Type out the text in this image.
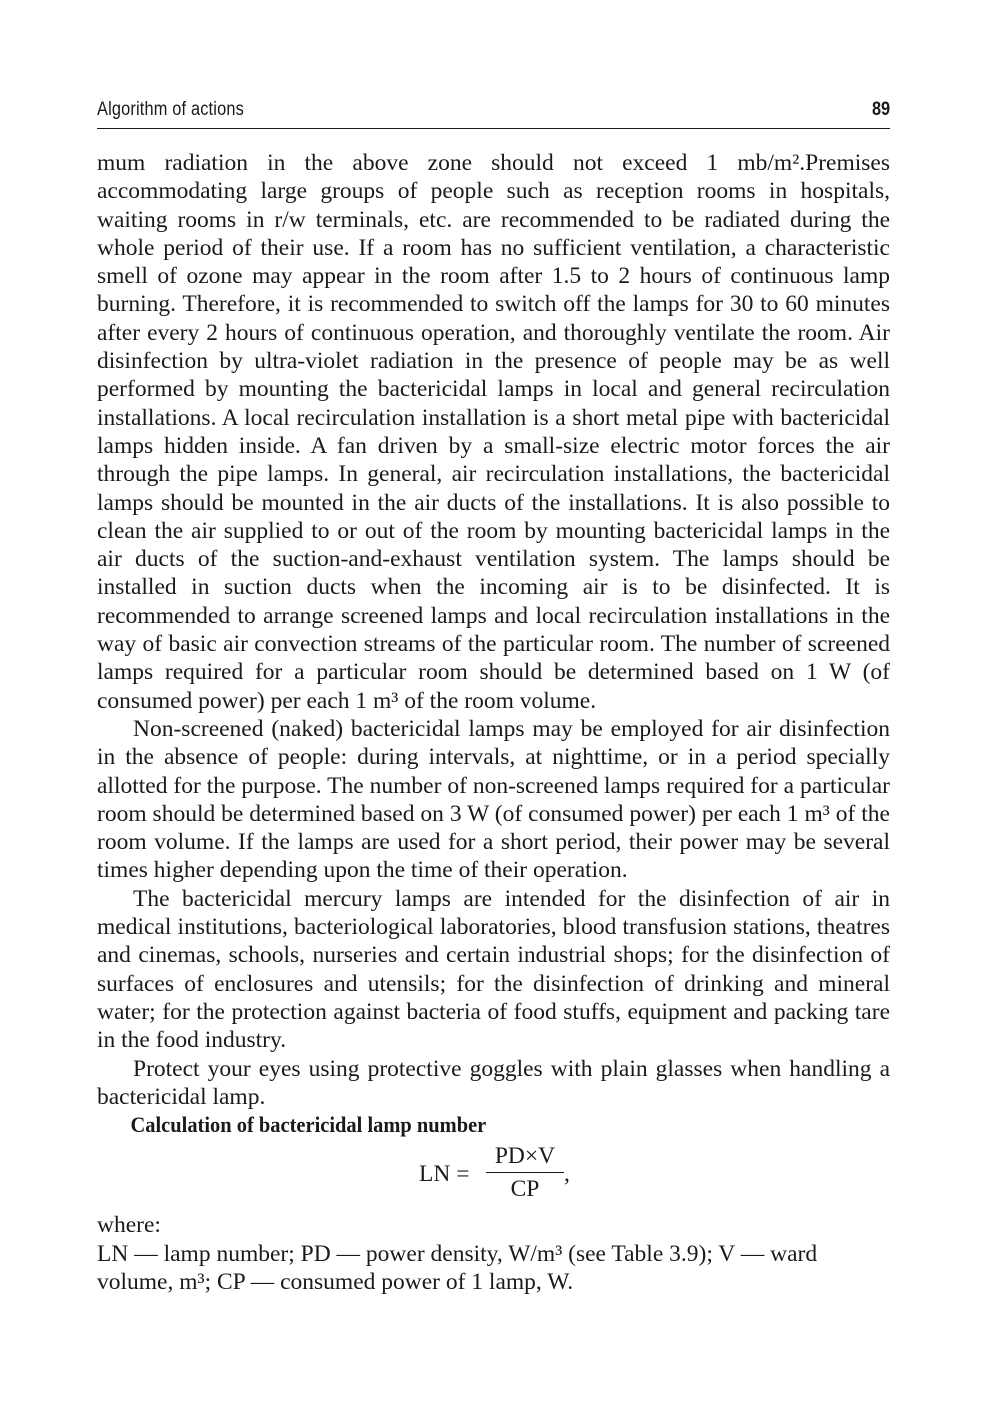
Algorithm of actions	89

mum radiation in the above zone should not exceed 1 mb/m².Premises accommodating large groups of people such as reception rooms in hospitals, waiting rooms in r/w terminals, etc. are recommended to be radiated during the whole period of their use. If a room has no sufficient ventilation, a characteristic smell of ozone may appear in the room after 1.5 to 2 hours of continuous lamp burning. Therefore, it is recommended to switch off the lamps for 30 to 60 minutes after every 2 hours of continuous operation, and thoroughly ventilate the room. Air disinfection by ultra-violet radiation in the presence of people may be as well performed by mounting the bactericidal lamps in local and general recirculation installations. A local recirculation installation is a short metal pipe with bactericidal lamps hidden inside. A fan driven by a small-size electric motor forces the air through the pipe lamps. In general, air recirculation installations, the bactericidal lamps should be mounted in the air ducts of the installations. It is also possible to clean the air supplied to or out of the room by mounting bactericidal lamps in the air ducts of the suction-and-exhaust ventilation system. The lamps should be installed in suction ducts when the incoming air is to be disinfected. It is recommended to arrange screened lamps and local recirculation installations in the way of basic air convection streams of the particular room. The number of screened lamps required for a particular room should be determined based on 1 W (of consumed power) per each 1 m³ of the room volume.

Non-screened (naked) bactericidal lamps may be employed for air disinfection in the absence of people: during intervals, at nighttime, or in a period specially allotted for the purpose. The number of non-screened lamps required for a particular room should be determined based on 3 W (of consumed power) per each 1 m³ of the room volume. If the lamps are used for a short period, their power may be several times higher depending upon the time of their operation.

The bactericidal mercury lamps are intended for the disinfection of air in medical institutions, bacteriological laboratories, blood transfusion stations, theatres and cinemas, schools, nurseries and certain industrial shops; for the disinfection of surfaces of enclosures and utensils; for the disinfection of drinking and mineral water; for the protection against bacteria of food stuffs, equipment and packing tare in the food industry.

Protect your eyes using protective goggles with plain glasses when handling a bactericidal lamp.

Calculation of bactericidal lamp number

LN = $\frac{PD\times V}{CP}$ ,

where:

LN — lamp number; PD — power density, W/m³ (see Table 3.9); V — ward volume, m³; CP — consumed power of 1 lamp, W.
